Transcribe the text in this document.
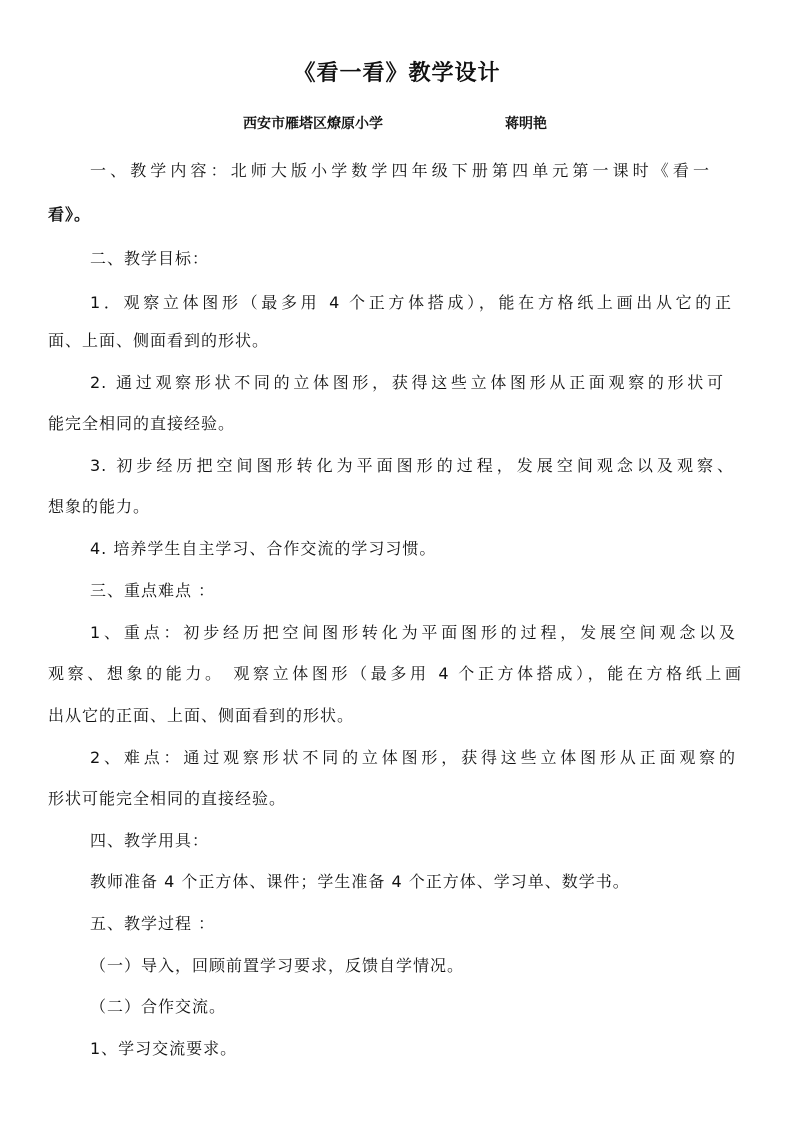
《看一看》教学设计
西安市雁塔区燎原小学	蒋明艳
一、教学内容：北师大版小学数学四年级下册第四单元第一课时《看一
看》。
二、教学目标：
1．观察立体图形（最多用 4 个正方体搭成），能在方格纸上画出从它的正
面、上面、侧面看到的形状。
2. 通过观察形状不同的立体图形，获得这些立体图形从正面观察的形状可
能完全相同的直接经验。
3. 初步经历把空间图形转化为平面图形的过程，发展空间观念以及观察、
想象的能力。
4. 培养学生自主学习、合作交流的学习习惯。
三、重点难点 ：
1、重点：初步经历把空间图形转化为平面图形的过程，发展空间观念以及
观察、想象的能力。 观察立体图形（最多用 4 个正方体搭成），能在方格纸上画
出从它的正面、上面、侧面看到的形状。
2、难点：通过观察形状不同的立体图形，获得这些立体图形从正面观察的
形状可能完全相同的直接经验。
四、教学用具：
教师准备 4 个正方体、课件；学生准备 4 个正方体、学习单、数学书。
五、教学过程 ：
（一）导入，回顾前置学习要求，反馈自学情况。
（二）合作交流。
1、学习交流要求。
